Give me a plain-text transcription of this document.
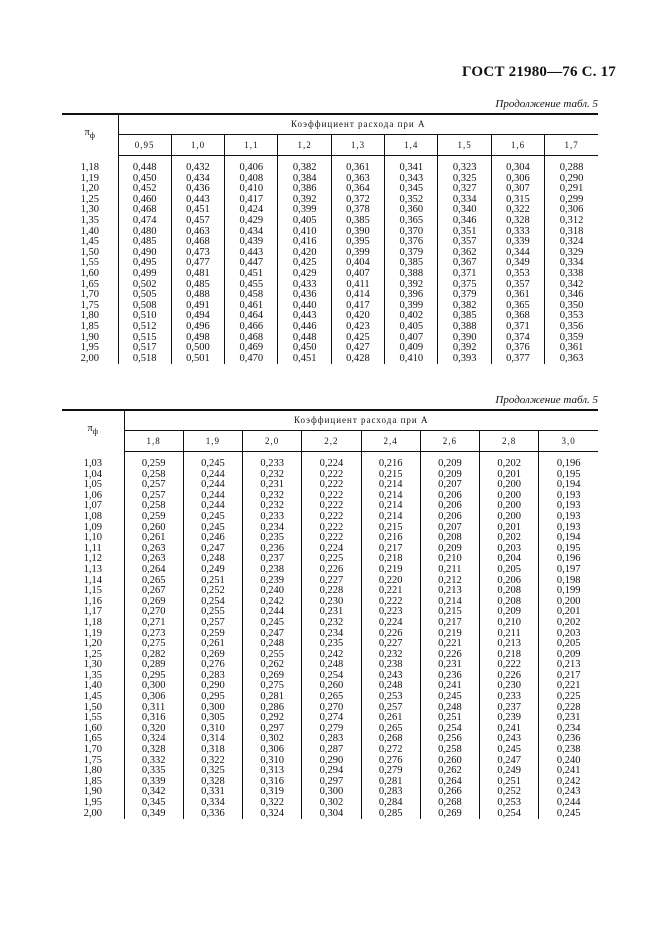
ГОСТ 21980—76 С. 17
Продолжение табл. 5
$\pi_ф$	Коэффициент расхода при A								
	0,95	1,0	1,1	1,2	1,3	1,4	1,5	1,6	1,7

1,18	0,448	0,432	0,406	0,382	0,361	0,341	0,323	0,304	0,288
1,19	0,450	0,434	0,408	0,384	0,363	0,343	0,325	0,306	0,290
1,20	0,452	0,436	0,410	0,386	0,364	0,345	0,327	0,307	0,291
1,25	0,460	0,443	0,417	0,392	0,372	0,352	0,334	0,315	0,299
1,30	0,468	0,451	0,424	0,399	0,378	0,360	0,340	0,322	0,306
1,35	0,474	0,457	0,429	0,405	0,385	0,365	0,346	0,328	0,312
1,40	0,480	0,463	0,434	0,410	0,390	0,370	0,351	0,333	0,318
1,45	0,485	0,468	0,439	0,416	0,395	0,376	0,357	0,339	0,324
1,50	0,490	0,473	0,443	0,420	0,399	0,379	0,362	0,344	0,329
1,55	0,495	0,477	0,447	0,425	0,404	0,385	0,367	0,349	0,334
1,60	0,499	0,481	0,451	0,429	0,407	0,388	0,371	0,353	0,338
1,65	0,502	0,485	0,455	0,433	0,411	0,392	0,375	0,357	0,342
1,70	0,505	0,488	0,458	0,436	0,414	0,396	0,379	0,361	0,346
1,75	0,508	0,491	0,461	0,440	0,417	0,399	0,382	0,365	0,350
1,80	0,510	0,494	0,464	0,443	0,420	0,402	0,385	0,368	0,353
1,85	0,512	0,496	0,466	0,446	0,423	0,405	0,388	0,371	0,356
1,90	0,515	0,498	0,468	0,448	0,425	0,407	0,390	0,374	0,359
1,95	0,517	0,500	0,469	0,450	0,427	0,409	0,392	0,376	0,361
2,00	0,518	0,501	0,470	0,451	0,428	0,410	0,393	0,377	0,363
Продолжение табл. 5
$\pi_ф$	Коэффициент расхода при A							
	1,8	1,9	2,0	2,2	2,4	2,6	2,8	3,0

1,03	0,259	0,245	0,233	0,224	0,216	0,209	0,202	0,196
1,04	0,258	0,244	0,232	0,222	0,215	0,209	0,201	0,195
1,05	0,257	0,244	0,231	0,222	0,214	0,207	0,200	0,194
1,06	0,257	0,244	0,232	0,222	0,214	0,206	0,200	0,193
1,07	0,258	0,244	0,232	0,222	0,214	0,206	0,200	0,193
1,08	0,259	0,245	0,233	0,222	0,214	0,206	0,200	0,193
1,09	0,260	0,245	0,234	0,222	0,215	0,207	0,201	0,193
1,10	0,261	0,246	0,235	0,222	0,216	0,208	0,202	0,194
1,11	0,263	0,247	0,236	0,224	0,217	0,209	0,203	0,195
1,12	0,263	0,248	0,237	0,225	0,218	0,210	0,204	0,196
1,13	0,264	0,249	0,238	0,226	0,219	0,211	0,205	0,197
1,14	0,265	0,251	0,239	0,227	0,220	0,212	0,206	0,198
1,15	0,267	0,252	0,240	0,228	0,221	0,213	0,208	0,199
1,16	0,269	0,254	0,242	0,230	0,222	0,214	0,208	0,200
1,17	0,270	0,255	0,244	0,231	0,223	0,215	0,209	0,201
1,18	0,271	0,257	0,245	0,232	0,224	0,217	0,210	0,202
1,19	0,273	0,259	0,247	0,234	0,226	0,219	0,211	0,203
1,20	0,275	0,261	0,248	0,235	0,227	0,221	0,213	0,205
1,25	0,282	0,269	0,255	0,242	0,232	0,226	0,218	0,209
1,30	0,289	0,276	0,262	0,248	0,238	0,231	0,222	0,213
1,35	0,295	0,283	0,269	0,254	0,243	0,236	0,226	0,217
1,40	0,300	0,290	0,275	0,260	0,248	0,241	0,230	0,221
1,45	0,306	0,295	0,281	0,265	0,253	0,245	0,233	0,225
1,50	0,311	0,300	0,286	0,270	0,257	0,248	0,237	0,228
1,55	0,316	0,305	0,292	0,274	0,261	0,251	0,239	0,231
1,60	0,320	0,310	0,297	0,279	0,265	0,254	0,241	0,234
1,65	0,324	0,314	0,302	0,283	0,268	0,256	0,243	0,236
1,70	0,328	0,318	0,306	0,287	0,272	0,258	0,245	0,238
1,75	0,332	0,322	0,310	0,290	0,276	0,260	0,247	0,240
1,80	0,335	0,325	0,313	0,294	0,279	0,262	0,249	0,241
1,85	0,339	0,328	0,316	0,297	0,281	0,264	0,251	0,242
1,90	0,342	0,331	0,319	0,300	0,283	0,266	0,252	0,243
1,95	0,345	0,334	0,322	0,302	0,284	0,268	0,253	0,244
2,00	0,349	0,336	0,324	0,304	0,285	0,269	0,254	0,245
